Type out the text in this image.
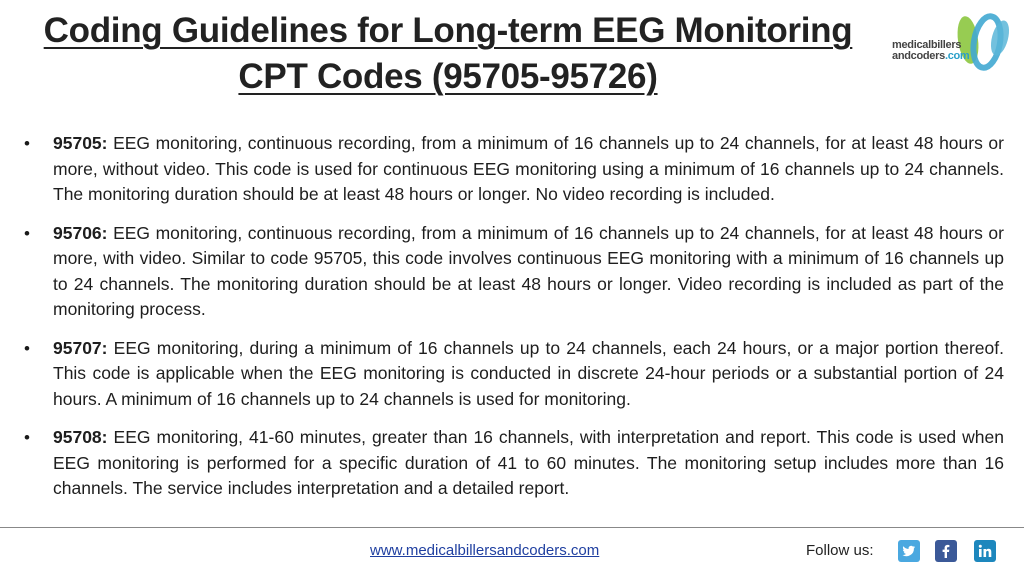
Coding Guidelines for Long-term EEG Monitoring
CPT Codes (95705-95726)
medicalbillers
andcoders.com

• 95705: EEG monitoring, continuous recording, from a minimum of 16 channels up to 24 channels, for at least 48 hours or more, without video. This code is used for continuous EEG monitoring using a minimum of 16 channels up to 24 channels. The monitoring duration should be at least 48 hours or longer. No video recording is included.

• 95706: EEG monitoring, continuous recording, from a minimum of 16 channels up to 24 channels, for at least 48 hours or more, with video. Similar to code 95705, this code involves continuous EEG monitoring with a minimum of 16 channels up to 24 channels. The monitoring duration should be at least 48 hours or longer. Video recording is included as part of the monitoring process.

• 95707: EEG monitoring, during a minimum of 16 channels up to 24 channels, each 24 hours, or a major portion thereof. This code is applicable when the EEG monitoring is conducted in discrete 24-hour periods or a substantial portion of 24 hours. A minimum of 16 channels up to 24 channels is used for monitoring.

• 95708: EEG monitoring, 41-60 minutes, greater than 16 channels, with interpretation and report. This code is used when EEG monitoring is performed for a specific duration of 41 to 60 minutes. The monitoring setup includes more than 16 channels. The service includes interpretation and a detailed report.

www.medicalbillersandcoders.com	Follow us:
